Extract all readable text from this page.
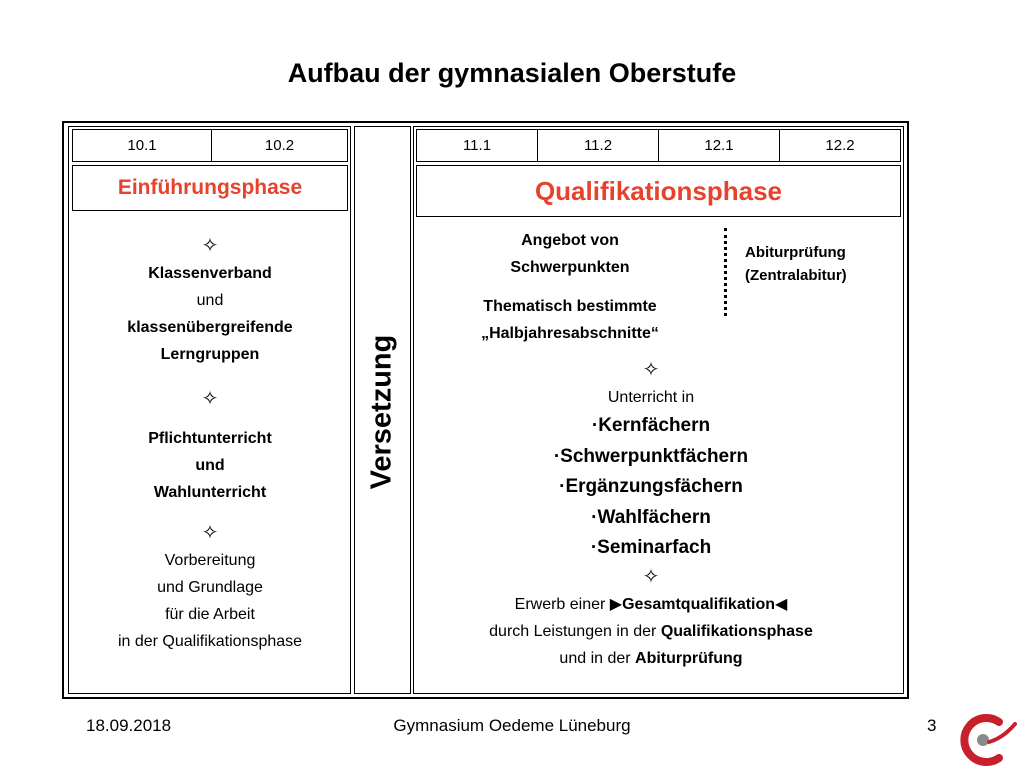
Aufbau der gymnasialen Oberstufe
10.1	10.2
Einführungsphase
✧
Klassenverband
und
klassenübergreifende
Lerngruppen
✧
Pflichtunterricht
und
Wahlunterricht
✧
Vorbereitung
und Grundlage
für die Arbeit
in der Qualifikationsphase
Versetzung
11.1	11.2	12.1	12.2
Qualifikationsphase
Angebot von
Schwerpunkten
Abiturprüfung
(Zentralabitur)
Thematisch bestimmte
„Halbjahresabschnitte“
✧
Unterricht in
·Kernfächern
·Schwerpunktfächern
·Ergänzungsfächern
·Wahlfächern
·Seminarfach
✧
Erwerb einer ▶Gesamtqualifikation◀
durch Leistungen in der Qualifikationsphase
und in der Abiturprüfung
18.09.2018	Gymnasium Oedeme Lüneburg	3
